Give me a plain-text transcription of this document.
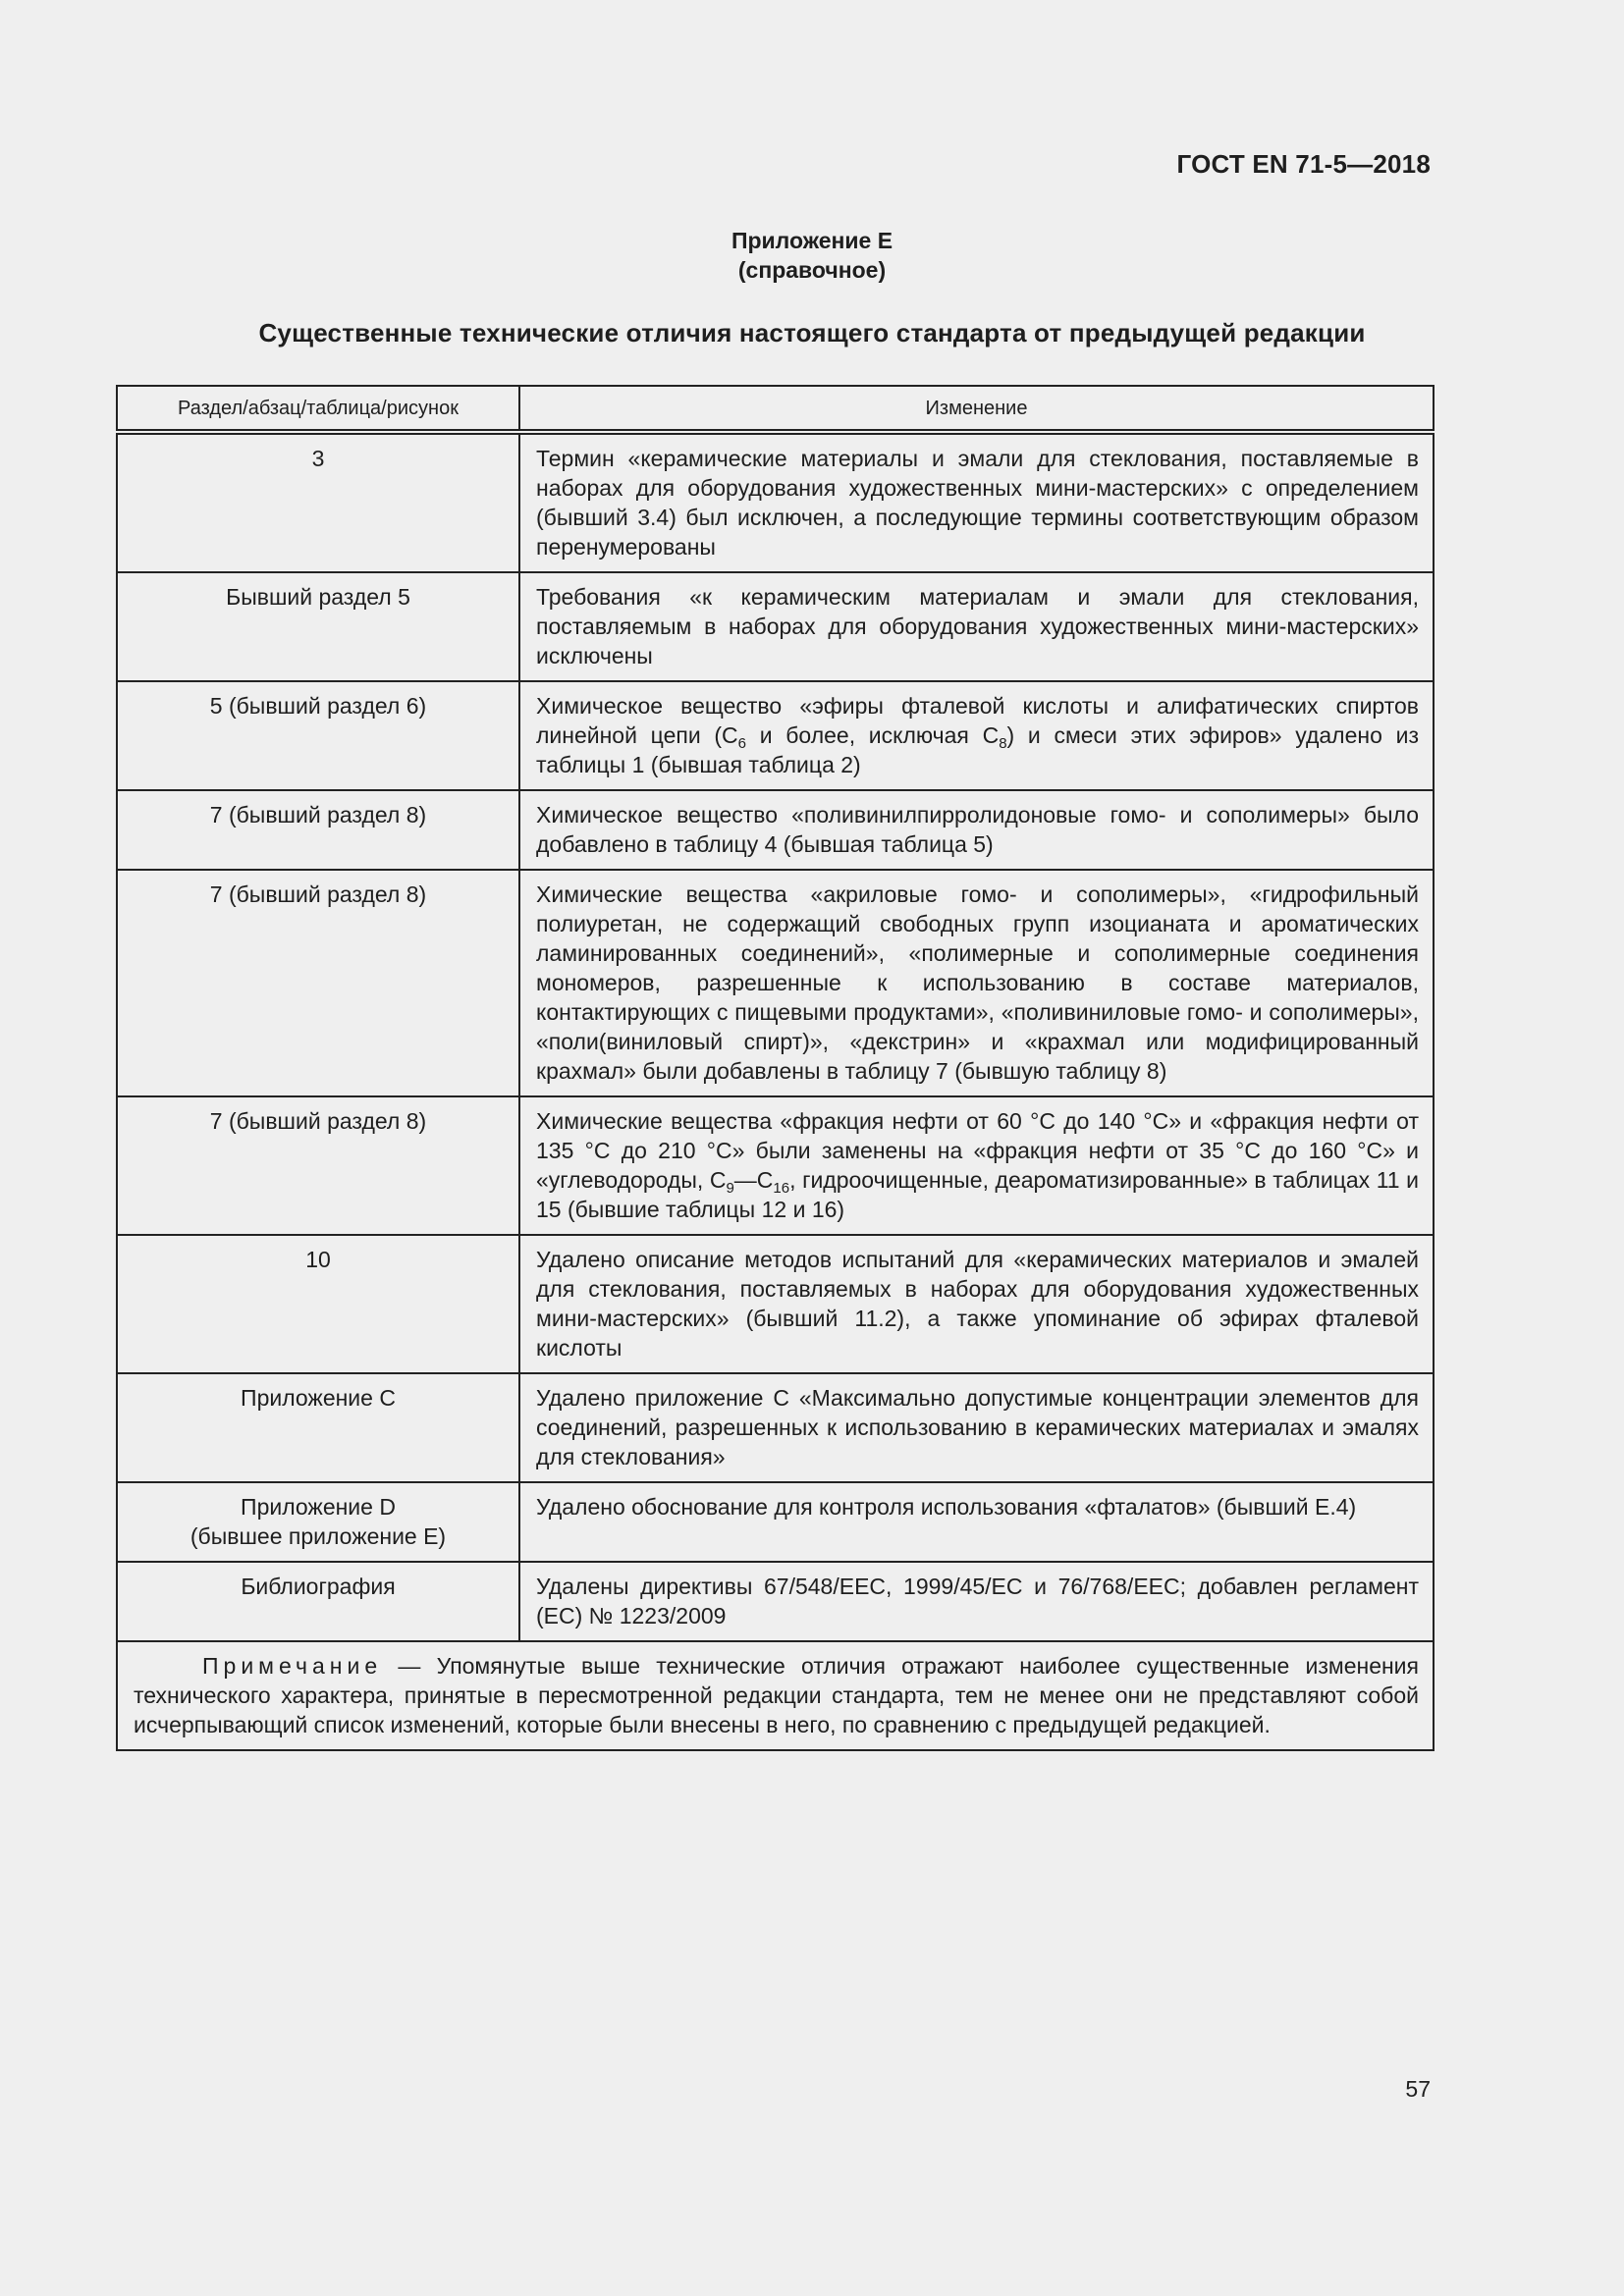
ГОСТ EN 71-5—2018
Приложение Е
(справочное)
Существенные технические отличия настоящего стандарта от предыдущей редакции
Раздел/абзац/таблица/рисунок	Изменение
3	Термин «керамические материалы и эмали для стеклования, поставляемые в наборах для оборудования художественных мини-мастерских» с определением (бывший 3.4) был исключен, а последующие термины соответствующим образом перенумерованы
Бывший раздел 5	Требования «к керамическим материалам и эмали для стеклования, поставляемым в наборах для оборудования художественных мини-мастерских» исключены
5 (бывший раздел 6)	Химическое вещество «эфиры фталевой кислоты и алифатических спиртов линейной цепи ($C_6$ и более, исключая $C_8$) и смеси этих эфиров» удалено из таблицы 1 (бывшая таблица 2)
7 (бывший раздел 8)	Химическое вещество «поливинилпирролидоновые гомо- и сополимеры» было добавлено в таблицу 4 (бывшая таблица 5)
7 (бывший раздел 8)	Химические вещества «акриловые гомо- и сополимеры», «гидрофильный полиуретан, не содержащий свободных групп изоцианата и ароматических ламинированных соединений», «полимерные и сополимерные соединения мономеров, разрешенные к использованию в составе материалов, контактирующих с пищевыми продуктами», «поливиниловые гомо- и сополимеры», «поли(виниловый спирт)», «декстрин» и «крахмал или модифицированный крахмал» были добавлены в таблицу 7 (бывшую таблицу 8)
7 (бывший раздел 8)	Химические вещества «фракция нефти от 60 °С до 140 °С» и «фракция нефти от 135 °С до 210 °С» были заменены на «фракция нефти от 35 °С до 160 °С» и «углеводороды, $C_9—C_{16}$, гидроочищенные, деароматизированные» в таблицах 11 и 15 (бывшие таблицы 12 и 16)
10	Удалено описание методов испытаний для «керамических материалов и эмалей для стеклования, поставляемых в наборах для оборудования художественных мини-мастерских» (бывший 11.2), а также упоминание об эфирах фталевой кислоты
Приложение С	Удалено приложение С «Максимально допустимые концентрации элементов для соединений, разрешенных к использованию в керамических материалах и эмалях для стеклования»

Приложение D
(бывшее приложение Е)	Удалено обоснование для контроля использования «фталатов» (бывший Е.4)
Библиография	Удалены директивы 67/548/ЕЕС, 1999/45/ЕС и 76/768/ЕЕС; добавлен регламент (ЕС) № 1223/2009
Примечание — Упомянутые выше технические отличия отражают наиболее существенные изменения технического характера, принятые в пересмотренной редакции стандарта, тем не менее они не представляют собой исчерпывающий список изменений, которые были внесены в него, по сравнению с предыдущей редакцией.	
57
